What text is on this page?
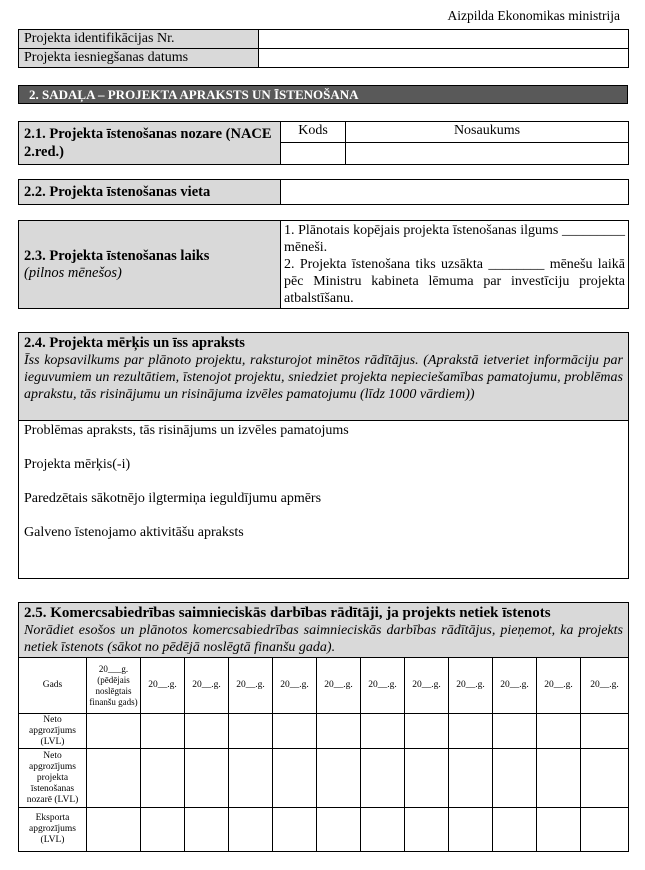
Aizpilda Ekonomikas ministrija
Projekta identifikācijas Nr.	
Projekta iesniegšanas datums	
2. SADAĻA – PROJEKTA APRAKSTS UN ĪSTENOŠANA
2.1. Projekta īstenošanas nozare (NACE 2.red.)	Kods	Nosaukums

2.2. Projekta īstenošanas vieta	
2.3. Projekta īstenošanas laiks
(pilnos mēnešos)

1. Plānotais kopējais projekta īstenošanas ilgums _________ mēneši.
2. Projekta īstenošana tiks uzsākta ________ mēnešu laikā pēc Ministru kabineta lēmuma par investīciju projekta atbalstīšanu.
2.4. Projekta mērķis un īss apraksts
Īss kopsavilkums par plānoto projektu, raksturojot minētos rādītājus. (Aprakstā ietveriet informāciju par ieguvumiem un rezultātiem, īstenojot projektu, sniedziet projekta nepieciešamības pamatojumu, problēmas aprakstu, tās risinājumu un risinājuma izvēles pamatojumu (līdz 1000 vārdiem))

Problēmas apraksts, tās risinājums un izvēles pamatojums
Projekta mērķis(-i)
Paredzētais sākotnējo ilgtermiņa ieguldījumu apmērs
Galveno īstenojamo aktivitāšu apraksts
2.5. Komercsabiedrības saimnieciskās darbības rādītāji, ja projekts netiek īstenots
Norādiet esošos un plānotos komercsabiedrības saimnieciskās darbības rādītājus, pieņemot, ka projekts netiek īstenots (sākot no pēdējā noslēgtā finanšu gada).												

Gads	20___g. (pēdējais noslēgtais finanšu gads)	20__.g.	20__.g.	20__.g.	20__.g.	20__.g.	20__.g.	20__.g.	20__.g.	20__.g.	20__.g.	20__.g.
Neto apgrozījums (LVL)												
Neto apgrozījums projekta īstenošanas nozarē (LVL)												
Eksporta apgrozījums (LVL)												
